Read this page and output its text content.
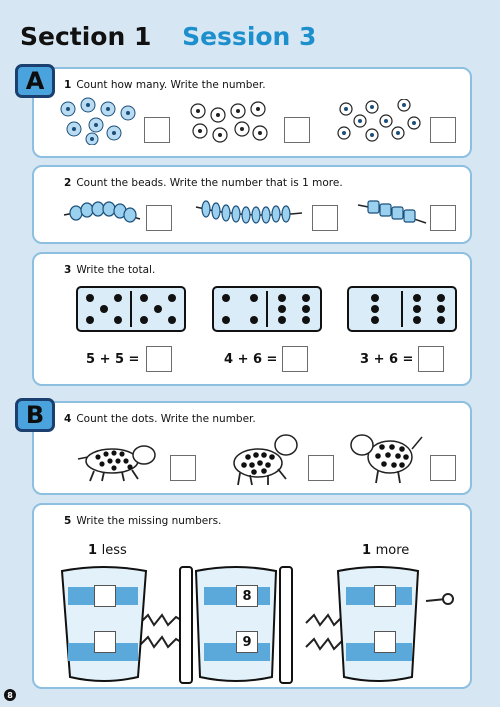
Section 1 Session 3
A	1 Count how many. Write the number.
2 Count the beads. Write the number that is 1 more.
3 Write the total.
5 + 5 =	4 + 6 =	3 + 6 =
B	4 Count the dots. Write the number.
5 Write the missing numbers.
1 less	1 more
8
9
8
